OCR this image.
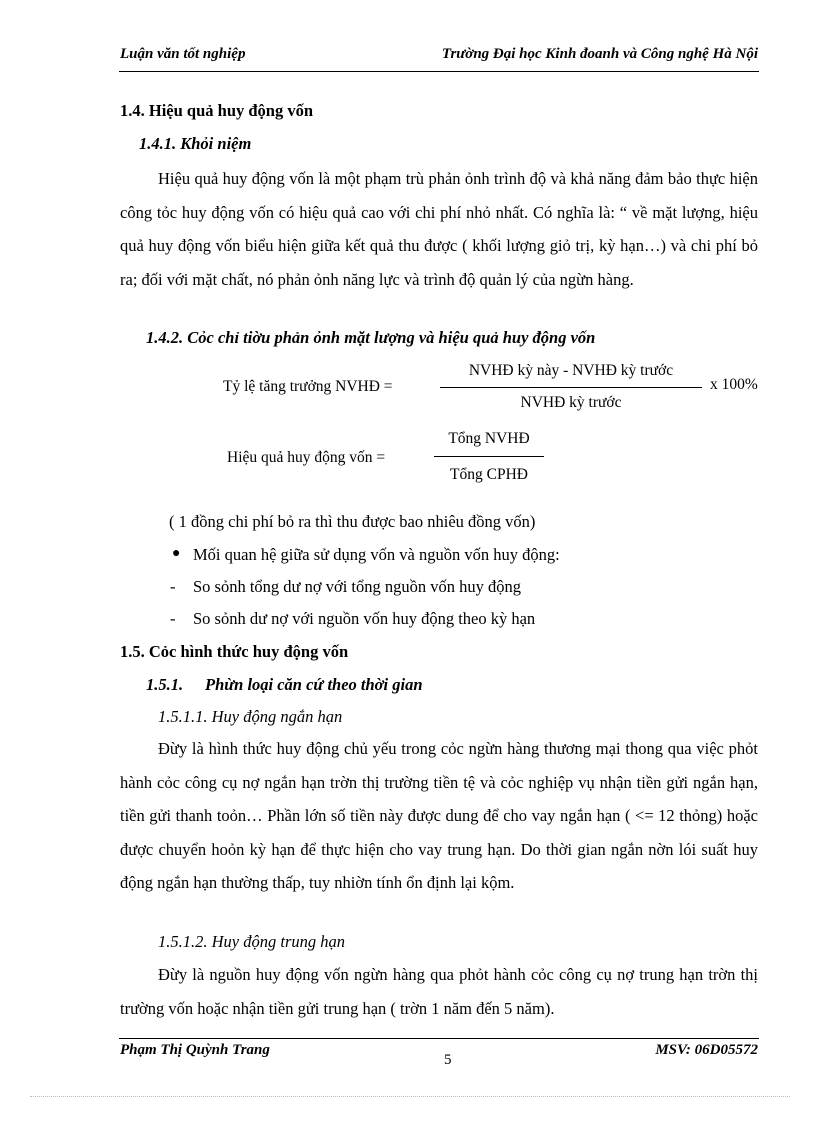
Luận văn tốt nghiệp	Trường Đại học Kinh đoanh và Công nghệ Hà Nội
1.4. Hiệu quả huy động vốn
1.4.1. Khỏi niệm
Hiệu quả huy động vốn là một phạm trù phản ỏnh trình độ và khả năng đảm bảo thực hiện công tỏc huy động vốn có hiệu quả cao với chi phí nhỏ nhất. Có nghĩa là: “ về mặt lượng, hiệu quả huy động vốn biểu hiện giữa kết quả thu được ( khối lượng giỏ trị, kỳ hạn…) và chi phí bỏ ra; đối với mặt chất, nó phản ỏnh năng lực và trình độ quản lý của ngừn hàng.
1.4.2. Cỏc chỉ tiờu phản ỏnh mặt lượng và hiệu quả huy động vốn
Tỷ lệ tăng trưởng NVHĐ =
NVHĐ kỳ này - NVHĐ kỳ trước
NVHĐ kỳ trước
x 100%
Hiệu quả huy động vốn =
Tổng NVHĐ
Tổng CPHĐ
( 1 đồng chi phí bỏ ra thì thu được bao nhiêu đồng vốn)
● Mối quan hệ giữa sử dụng vốn và nguồn vốn huy động:
- So sỏnh tổng dư nợ với tổng nguồn vốn huy động
- So sỏnh dư nợ với nguồn vốn huy động theo kỳ hạn
1.5. Cỏc hình thức huy động vốn
1.5.1. Phừn loại căn cứ theo thời gian
1.5.1.1. Huy động ngắn hạn
Đừy là hình thức huy động chủ yếu trong cỏc ngừn hàng thương mại thong qua việc phỏt hành cỏc công cụ nợ ngắn hạn trờn thị trường tiền tệ và cỏc nghiệp vụ nhận tiền gửi ngắn hạn, tiền gửi thanh toỏn… Phần lớn số tiền này được dung để cho vay ngắn hạn ( <= 12 thỏng) hoặc được chuyển hoỏn kỳ hạn để thực hiện cho vay trung hạn. Do thời gian ngắn nờn lói suất huy động ngắn hạn thường thấp, tuy nhiờn tính ổn định lại kộm.
1.5.1.2. Huy động trung hạn
Đừy là nguồn huy động vốn ngừn hàng qua phỏt hành cỏc công cụ nợ trung hạn trờn thị trường vốn hoặc nhận tiền gửi trung hạn ( trờn 1 năm đến 5 năm).
Phạm Thị Quỳnh Trang	MSV: 06D05572
5
